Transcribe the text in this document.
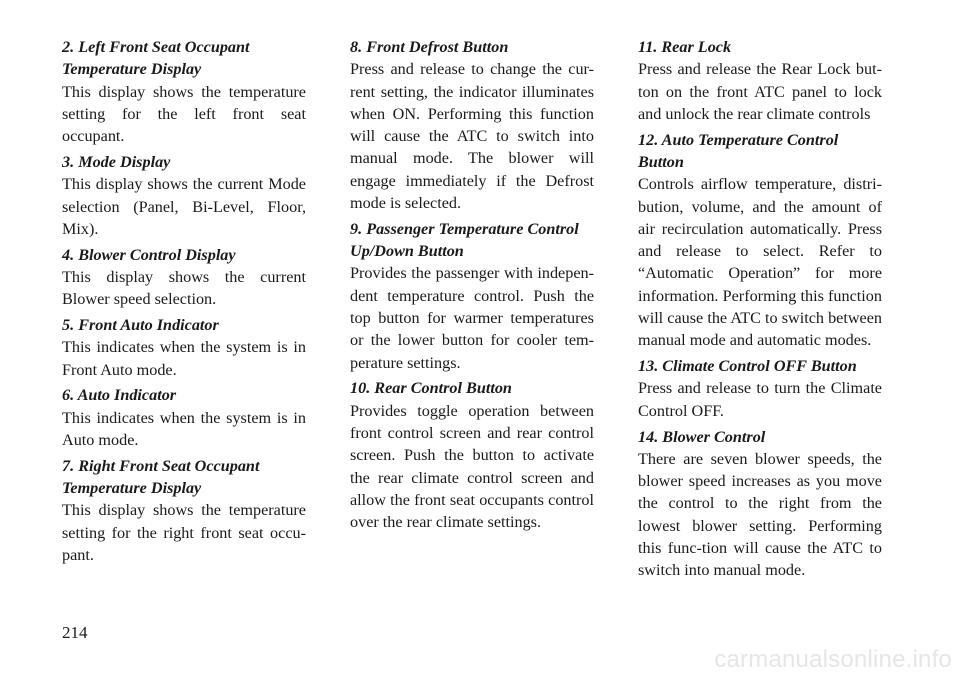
2. Left Front Seat Occupant Temperature Display

This display shows the temperature setting for the left front seat occupant.

3. Mode Display

This display shows the current Mode selection (Panel, Bi-Level, Floor, Mix).

4. Blower Control Display

This display shows the current Blower speed selection.

5. Front Auto Indicator

This indicates when the system is in Front Auto mode.

6. Auto Indicator

This indicates when the system is in Auto mode.

7. Right Front Seat Occupant Temperature Display

This display shows the temperature setting for the right front seat occu-pant.

8. Front Defrost Button

Press and release to change the cur-rent setting, the indicator illuminates when ON. Performing this function will cause the ATC to switch into manual mode. The blower will engage immediately if the Defrost mode is selected.

9. Passenger Temperature Control Up/Down Button

Provides the passenger with indepen-dent temperature control. Push the top button for warmer temperatures or the lower button for cooler tem-perature settings.

10. Rear Control Button

Provides toggle operation between front control screen and rear control screen. Push the button to activate the rear climate control screen and allow the front seat occupants control over the rear climate settings.

11. Rear Lock

Press and release the Rear Lock but-ton on the front ATC panel to lock and unlock the rear climate controls

12. Auto Temperature Control Button

Controls airflow temperature, distri-bution, volume, and the amount of air recirculation automatically. Press and release to select. Refer to “Automatic Operation” for more information. Performing this function will cause the ATC to switch between manual mode and automatic modes.

13. Climate Control OFF Button

Press and release to turn the Climate Control OFF.

14. Blower Control

There are seven blower speeds, the blower speed increases as you move the control to the right from the lowest blower setting. Performing this func-tion will cause the ATC to switch into manual mode.

214
carmanualsonline.info
